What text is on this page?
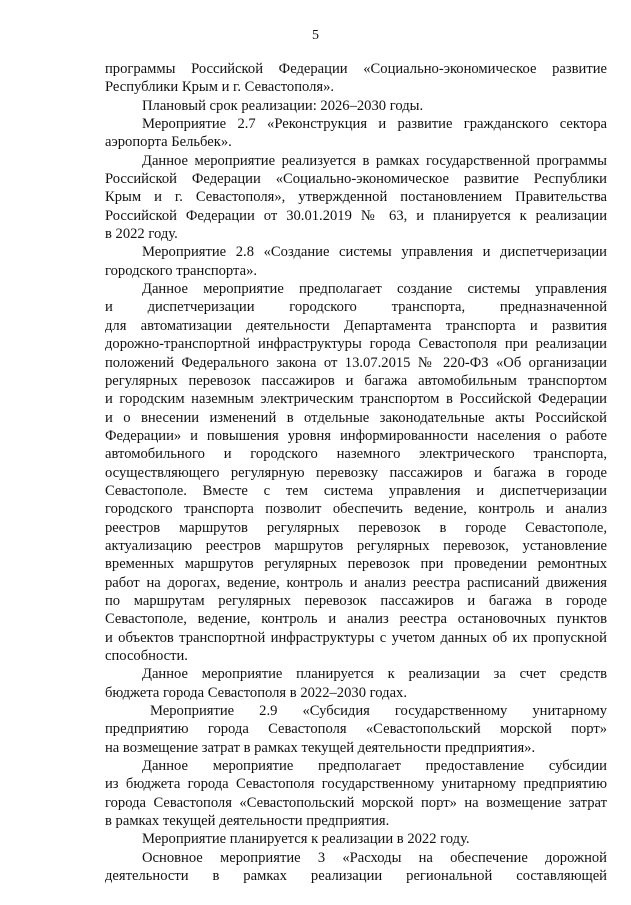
5
программы Российской Федерации «Социально-экономическое развитие
Республики Крым и г. Севастополя».
Плановый срок реализации: 2026–2030 годы.
Мероприятие 2.7 «Реконструкция и развитие гражданского сектора
аэропорта Бельбек».
Данное мероприятие реализуется в рамках государственной программы
Российской Федерации «Социально-экономическое развитие Республики
Крым и г. Севастополя», утвержденной постановлением Правительства
Российской Федерации от 30.01.2019 № 63, и планируется к реализации
в 2022 году.
Мероприятие 2.8 «Создание системы управления и диспетчеризации
городского транспорта».
Данное мероприятие предполагает создание системы управления
и диспетчеризации городского транспорта, предназначенной
для автоматизации деятельности Департамента транспорта и развития
дорожно-транспортной инфраструктуры города Севастополя при реализации
положений Федерального закона от 13.07.2015 № 220-ФЗ «Об организации
регулярных перевозок пассажиров и багажа автомобильным транспортом
и городским наземным электрическим транспортом в Российской Федерации
и о внесении изменений в отдельные законодательные акты Российской
Федерации» и повышения уровня информированности населения о работе
автомобильного и городского наземного электрического транспорта,
осуществляющего регулярную перевозку пассажиров и багажа в городе
Севастополе. Вместе с тем система управления и диспетчеризации
городского транспорта позволит обеспечить ведение, контроль и анализ
реестров маршрутов регулярных перевозок в городе Севастополе,
актуализацию реестров маршрутов регулярных перевозок, установление
временных маршрутов регулярных перевозок при проведении ремонтных
работ на дорогах, ведение, контроль и анализ реестра расписаний движения
по маршрутам регулярных перевозок пассажиров и багажа в городе
Севастополе, ведение, контроль и анализ реестра остановочных пунктов
и объектов транспортной инфраструктуры с учетом данных об их пропускной
способности.
Данное мероприятие планируется к реализации за счет средств
бюджета города Севастополя в 2022–2030 годах.
Мероприятие 2.9 «Субсидия государственному унитарному
предприятию города Севастополя «Севастопольский морской порт»
на возмещение затрат в рамках текущей деятельности предприятия».
Данное мероприятие предполагает предоставление субсидии
из бюджета города Севастополя государственному унитарному предприятию
города Севастополя «Севастопольский морской порт» на возмещение затрат
в рамках текущей деятельности предприятия.
Мероприятие планируется к реализации в 2022 году.
Основное мероприятие 3 «Расходы на обеспечение дорожной
деятельности в рамках реализации региональной составляющей
